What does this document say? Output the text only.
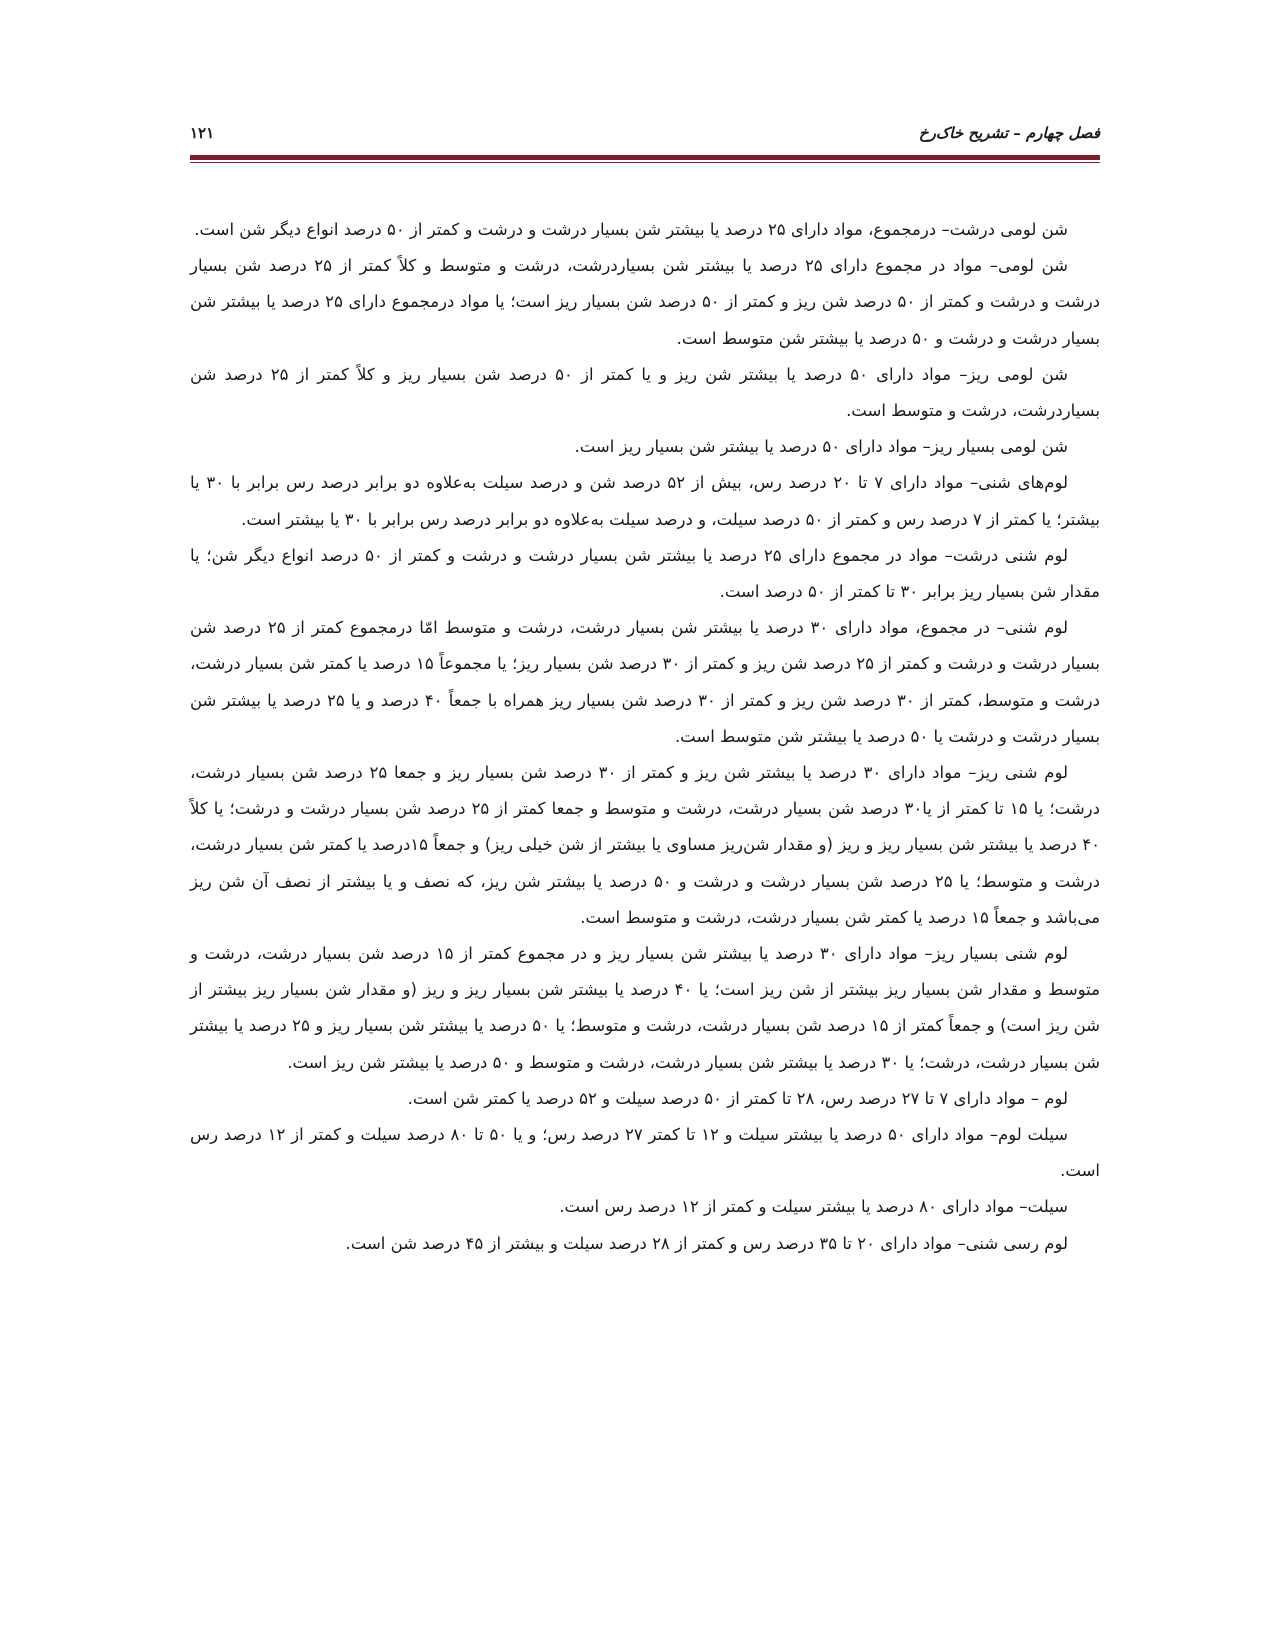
فصل چهارم – تشریح خاک‌رخ
۱۲۱

شن لومی درشت– درمجموع، مواد دارای ۲۵ درصد یا بیشتر شن بسیار درشت و درشت و کمتر از ۵۰ درصد انواع دیگر شن است.

شن لومی– مواد در مجموع دارای ۲۵ درصد یا بیشتر شن بسیاردرشت، درشت و متوسط و کلاً کمتر از ۲۵ درصد شن بسیار درشت و درشت و کمتر از ۵۰ درصد شن ریز و کمتر از ۵۰ درصد شن بسیار ریز است؛ یا مواد درمجموع دارای ۲۵ درصد یا بیشتر شن بسیار درشت و درشت و ۵۰ درصد یا بیشتر شن متوسط است.

شن لومی ریز– مواد دارای ۵۰ درصد یا بیشتر شن ریز و یا کمتر از ۵۰ درصد شن بسیار ریز و کلاً کمتر از ۲۵ درصد شن بسیاردرشت، درشت و متوسط است.

شن لومی بسیار ریز– مواد دارای ۵۰ درصد یا بیشتر شن بسیار ریز است.

لوم‌های شنی– مواد دارای ۷ تا ۲۰ درصد رس، بیش از ۵۲ درصد شن و درصد سیلت به‌علاوه دو برابر درصد رس برابر با ۳۰ یا بیشتر؛ یا کمتر از ۷ درصد رس و کمتر از ۵۰ درصد سیلت، و درصد سیلت به‌علاوه دو برابر درصد رس برابر با ۳۰ یا بیشتر است.

لوم شنی درشت– مواد در مجموع دارای ۲۵ درصد یا بیشتر شن بسیار درشت و درشت و کمتر از ۵۰ درصد انواع دیگر شن؛ یا مقدار شن بسیار ریز برابر ۳۰ تا کمتر از ۵۰ درصد است.

لوم شنی– در مجموع، مواد دارای ۳۰ درصد یا بیشتر شن بسیار درشت، درشت و متوسط امّا درمجموع کمتر از ۲۵ درصد شن بسیار درشت و درشت و کمتر از ۲۵ درصد شن ریز و کمتر از ۳۰ درصد شن بسیار ریز؛ یا مجموعاً ۱۵ درصد یا کمتر شن بسیار درشت، درشت و متوسط، کمتر از ۳۰ درصد شن ریز و کمتر از ۳۰ درصد شن بسیار ریز همراه با جمعاً ۴۰ درصد و یا ۲۵ درصد یا بیشتر شن بسیار درشت و درشت یا ۵۰ درصد یا بیشتر شن متوسط است.

لوم شنی ریز– مواد دارای ۳۰ درصد یا بیشتر شن ریز و کمتر از ۳۰ درصد شن بسیار ریز و جمعا ۲۵ درصد شن بسیار درشت، درشت؛ یا ۱۵ تا کمتر از یا۳۰ درصد شن بسیار درشت، درشت و متوسط و جمعا کمتر از ۲۵ درصد شن بسیار درشت و درشت؛ یا کلاً ۴۰ درصد یا بیشتر شن بسیار ریز و ریز (و مقدار شن‌ریز مساوی یا بیشتر از شن خیلی ریز) و جمعاً ۱۵درصد یا کمتر شن بسیار درشت، درشت و متوسط؛ یا ۲۵ درصد شن بسیار درشت و درشت و ۵۰ درصد یا بیشتر شن ریز، که نصف و یا بیشتر از نصف آن شن ریز می‌باشد و جمعاً ۱۵ درصد یا کمتر شن بسیار درشت، درشت و متوسط است.

لوم شنی بسیار ریز– مواد دارای ۳۰ درصد یا بیشتر شن بسیار ریز و در مجموع کمتر از ۱۵ درصد شن بسیار درشت، درشت و متوسط و مقدار شن بسیار ریز بیشتر از شن ریز است؛ یا ۴۰ درصد یا بیشتر شن بسیار ریز و ریز (و مقدار شن بسیار ریز بیشتر از شن ریز است) و جمعاً کمتر از ۱۵ درصد شن بسیار درشت، درشت و متوسط؛ یا ۵۰ درصد یا بیشتر شن بسیار ریز و ۲۵ درصد یا بیشتر شن بسیار درشت، درشت؛ یا ۳۰ درصد یا بیشتر شن بسیار درشت، درشت و متوسط و ۵۰ درصد یا بیشتر شن ریز است.

لوم – مواد دارای ۷ تا ۲۷ درصد رس، ۲۸ تا کمتر از ۵۰ درصد سیلت و ۵۲ درصد یا کمتر شن است.

سیلت لوم– مواد دارای ۵۰ درصد یا بیشتر سیلت و ۱۲ تا کمتر ۲۷ درصد رس؛ و یا ۵۰ تا ۸۰ درصد سیلت و کمتر از ۱۲ درصد رس است.

سیلت– مواد دارای ۸۰ درصد یا بیشتر سیلت و کمتر از ۱۲ درصد رس است.

لوم رسی شنی– مواد دارای ۲۰ تا ۳۵ درصد رس و کمتر از ۲۸ درصد سیلت و بیشتر از ۴۵ درصد شن است.
